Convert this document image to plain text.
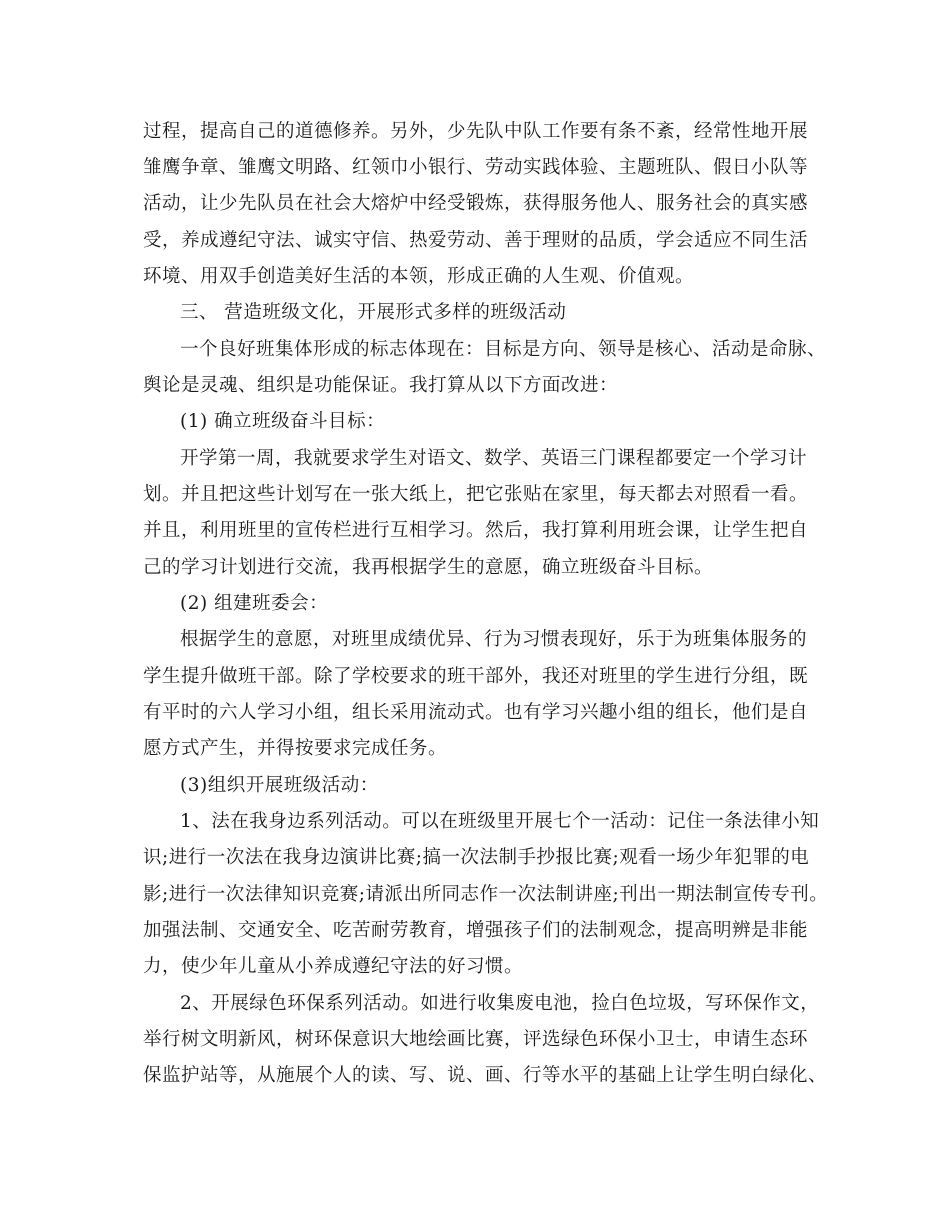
过程，提高自己的道德修养。另外，少先队中队工作要有条不紊，经常性地开展
雏鹰争章、雏鹰文明路、红领巾小银行、劳动实践体验、主题班队、假日小队等
活动，让少先队员在社会大熔炉中经受锻炼，获得服务他人、服务社会的真实感
受，养成遵纪守法、诚实守信、热爱劳动、善于理财的品质，学会适应不同生活
环境、用双手创造美好生活的本领，形成正确的人生观、价值观。
三、 营造班级文化，开展形式多样的班级活动
一个良好班集体形成的标志体现在：目标是方向、领导是核心、活动是命脉、
舆论是灵魂、组织是功能保证。我打算从以下方面改进：
(1) 确立班级奋斗目标：
开学第一周，我就要求学生对语文、数学、英语三门课程都要定一个学习计
划。并且把这些计划写在一张大纸上，把它张贴在家里，每天都去对照看一看。
并且，利用班里的宣传栏进行互相学习。然后，我打算利用班会课，让学生把自
己的学习计划进行交流，我再根据学生的意愿，确立班级奋斗目标。
(2) 组建班委会：
根据学生的意愿，对班里成绩优异、行为习惯表现好，乐于为班集体服务的
学生提升做班干部。除了学校要求的班干部外，我还对班里的学生进行分组，既
有平时的六人学习小组，组长采用流动式。也有学习兴趣小组的组长，他们是自
愿方式产生，并得按要求完成任务。
(3)组织开展班级活动：
1、法在我身边系列活动。可以在班级里开展七个一活动：记住一条法律小知
识;进行一次法在我身边演讲比赛;搞一次法制手抄报比赛;观看一场少年犯罪的电
影;进行一次法律知识竞赛;请派出所同志作一次法制讲座;刊出一期法制宣传专刊。
加强法制、交通安全、吃苦耐劳教育，增强孩子们的法制观念，提高明辨是非能
力，使少年儿童从小养成遵纪守法的好习惯。
2、开展绿色环保系列活动。如进行收集废电池，捡白色垃圾，写环保作文，
举行树文明新风，树环保意识大地绘画比赛，评选绿色环保小卫士，申请生态环
保监护站等，从施展个人的读、写、说、画、行等水平的基础上让学生明白绿化、
